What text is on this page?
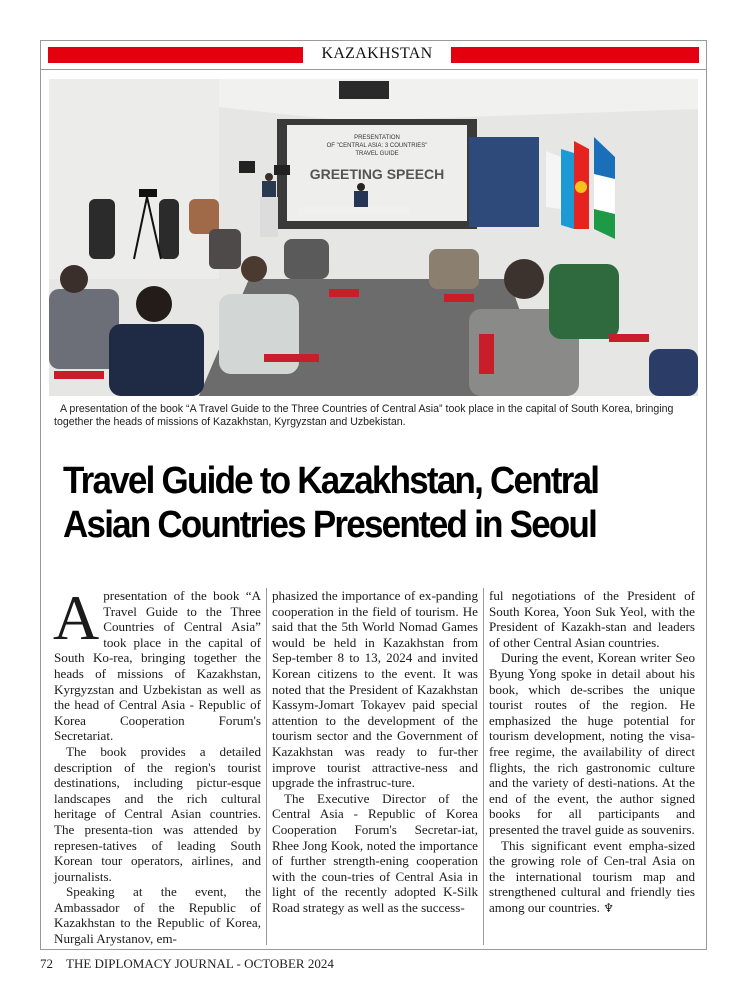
KAZAKHSTAN
PRESENTATION
OF "CENTRAL ASIA: 3 COUNTRIES"
TRAVEL GUIDE
GREETING SPEECH
A presentation of the book “A Travel Guide to the Three Countries of Central Asia” took place in the capital of South Korea, bringing together the heads of missions of Kazakhstan, Kyrgyzstan and Uzbekistan.
Travel Guide to Kazakhstan, Central Asian Countries Presented in Seoul

Apresentation of the book “A Travel Guide to the Three Countries of Central Asia” took place in the capital of South Ko-rea, bringing together the heads of missions of Kazakhstan, Kyrgyzstan and Uzbekistan as well as the head of Central Asia - Republic of Korea Cooperation Forum's Secretariat.

The book provides a detailed description of the region's tourist destinations, including pictur-esque landscapes and the rich cultural heritage of Central Asian countries. The presenta-tion was attended by represen-tatives of leading South Korean tour operators, airlines, and journalists.

Speaking at the event, the Ambassador of the Republic of Kazakhstan to the Republic of Korea, Nurgali Arystanov, em-

phasized the importance of ex-panding cooperation in the field of tourism. He said that the 5th World Nomad Games would be held in Kazakhstan from Sep-tember 8 to 13, 2024 and invited Korean citizens to the event. It was noted that the President of Kazakhstan Kassym-Jomart Tokayev paid special attention to the development of the tourism sector and the Government of Kazakhstan was ready to fur-ther improve tourist attractive-ness and upgrade the infrastruc-ture.

The Executive Director of the Central Asia - Republic of Korea Cooperation Forum's Secretar-iat, Rhee Jong Kook, noted the importance of further strength-ening cooperation with the coun-tries of Central Asia in light of the recently adopted K-Silk Road strategy as well as the success-

ful negotiations of the President of South Korea, Yoon Suk Yeol, with the President of Kazakh-stan and leaders of other Central Asian countries.

During the event, Korean writer Seo Byung Yong spoke in detail about his book, which de-scribes the unique tourist routes of the region. He emphasized the huge potential for tourism development, noting the visa-free regime, the availability of direct flights, the rich gastronomic culture and the variety of desti-nations. At the end of the event, the author signed books for all participants and presented the travel guide as souvenirs.

This significant event empha-sized the growing role of Cen-tral Asia on the international tourism map and strengthened cultural and friendly ties among our countries. ♆

72 THE DIPLOMACY JOURNAL - OCTOBER 2024
